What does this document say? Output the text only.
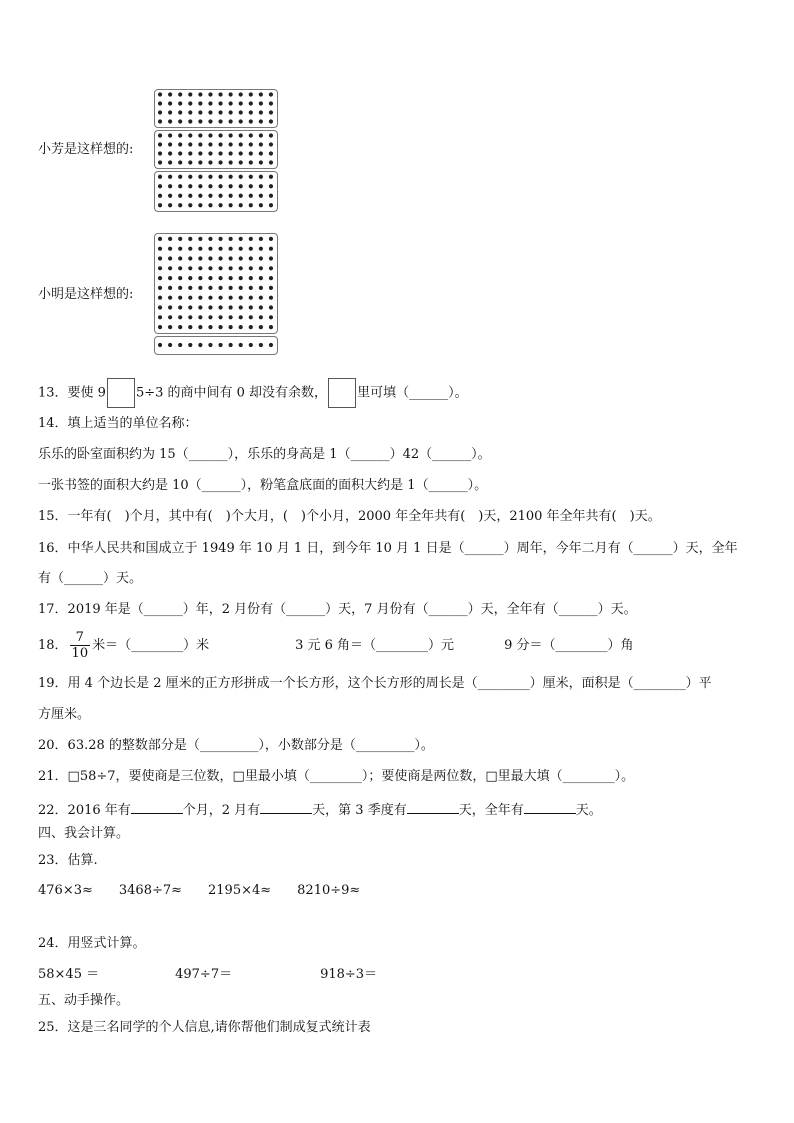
小芳是这样想的:
小明是这样想的:
13．要使 9 5÷3 的商中间有 0 却没有余数， 里可填（______）。
14．填上适当的单位名称：
乐乐的卧室面积约为 15（______），乐乐的身高是 1（______）42（______）。
一张书签的面积大约是 10（______），粉笔盒底面的面积大约是 1（______）。
15．一年有(　)个月，其中有(　)个大月，(　)个小月，2000 年全年共有(　)天，2100 年全年共有(　)天。
16．中华人民共和国成立于 1949 年 10 月 1 日，到今年 10 月 1 日是（______）周年，今年二月有（______）天，全年
有（______）天。
17．2019 年是（______）年，2 月份有（______）天，7 月份有（______）天，全年有（______）天。
18． $\frac{7}{10}$ 米＝（________）米	3 元 6 角＝（________）元	9 分＝（________）角
19．用 4 个边长是 2 厘米的正方形拼成一个长方形，这个长方形的周长是（________）厘米，面积是（________）平
方厘米。
20．63.28 的整数部分是（_________），小数部分是（_________）。
21．□58÷7，要使商是三位数，□里最小填（________）；要使商是两位数，□里最大填（________）。
22．2016 年有	个月，2 月有	天，第 3 季度有	天，全年有	天。
四、我会计算。
23．估算.
476×3≈ 3468÷7≈ 2195×4≈ 8210÷9≈
24．用竖式计算。
58×45 ＝	497÷7＝	918÷3＝
五、动手操作。
25．这是三名同学的个人信息,请你帮他们制成复式统计表
